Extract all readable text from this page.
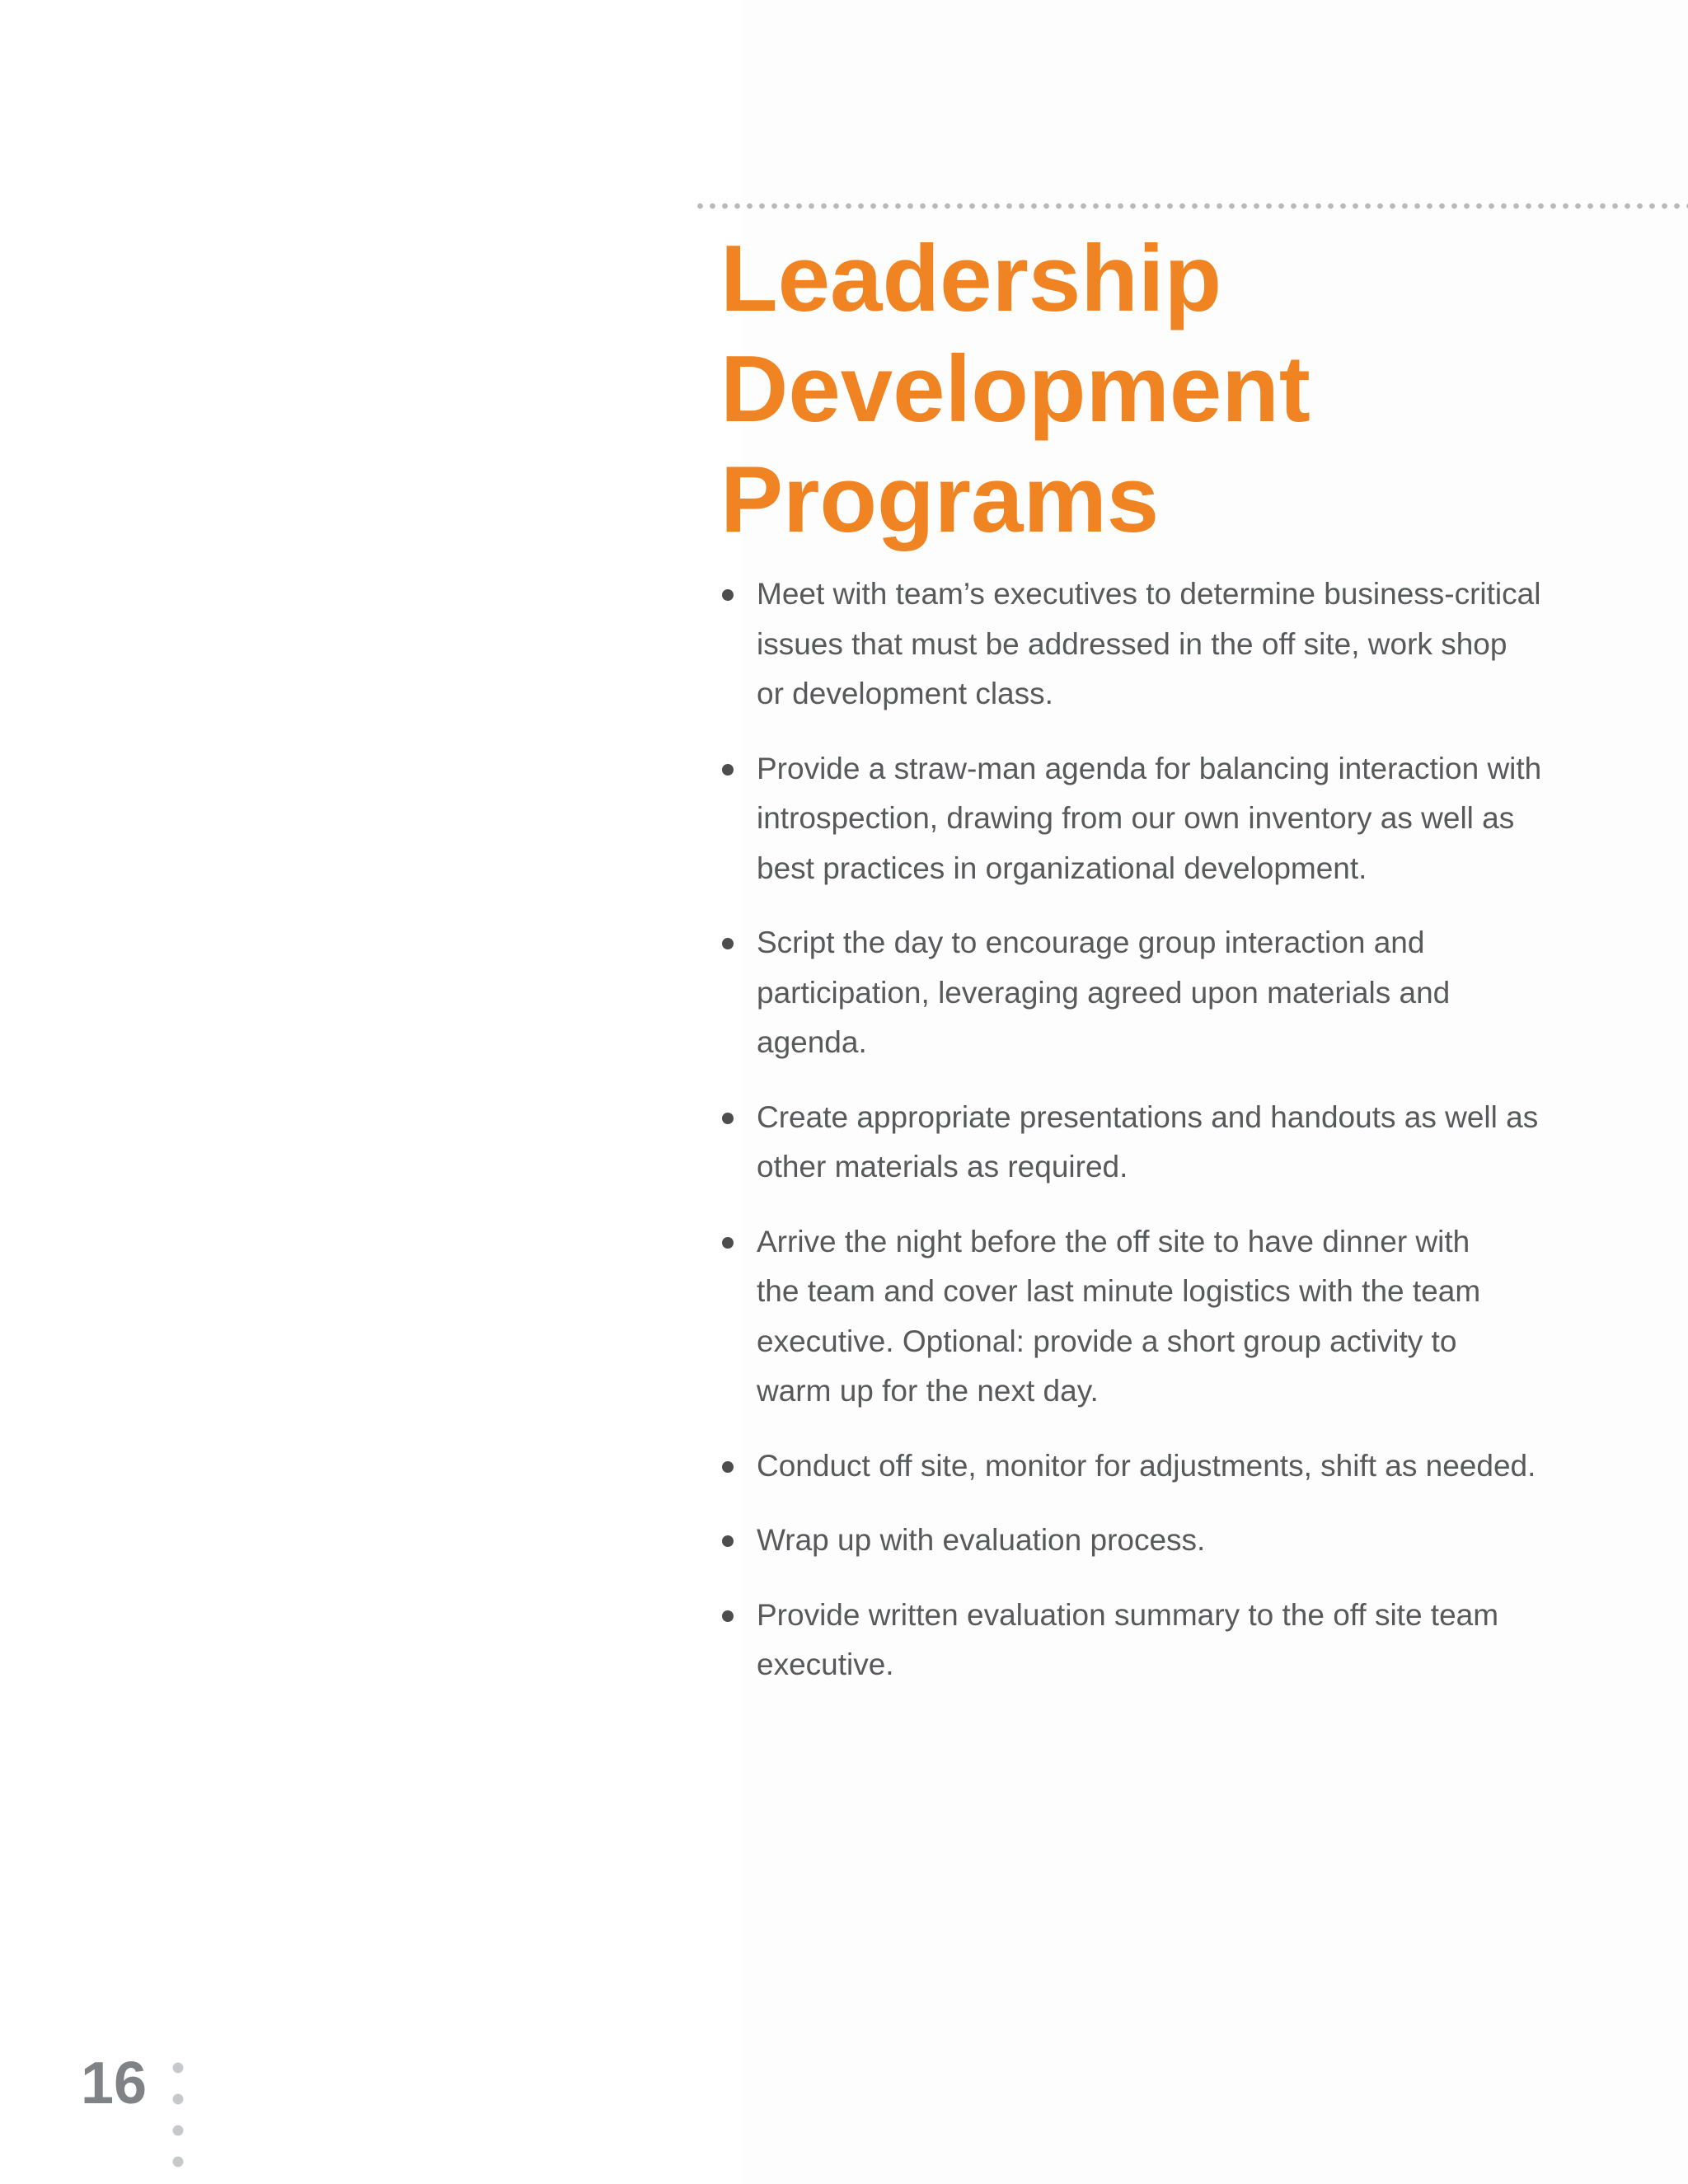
Leadership
Development
Programs
Meet with team’s executives to determine business-critical
issues that must be addressed in the off site, work shop
or development class.
Provide a straw-man agenda for balancing interaction with
introspection, drawing from our own inventory as well as
best practices in organizational development.
Script the day to encourage group interaction and
participation, leveraging agreed upon materials and
agenda.
Create appropriate presentations and handouts as well as
other materials as required.
Arrive the night before the off site to have dinner with
the team and cover last minute logistics with the team
executive. Optional: provide a short group activity to
warm up for the next day.
Conduct off site, monitor for adjustments, shift as needed.
Wrap up with evaluation process.
Provide written evaluation summary to the off site team
executive.
16
